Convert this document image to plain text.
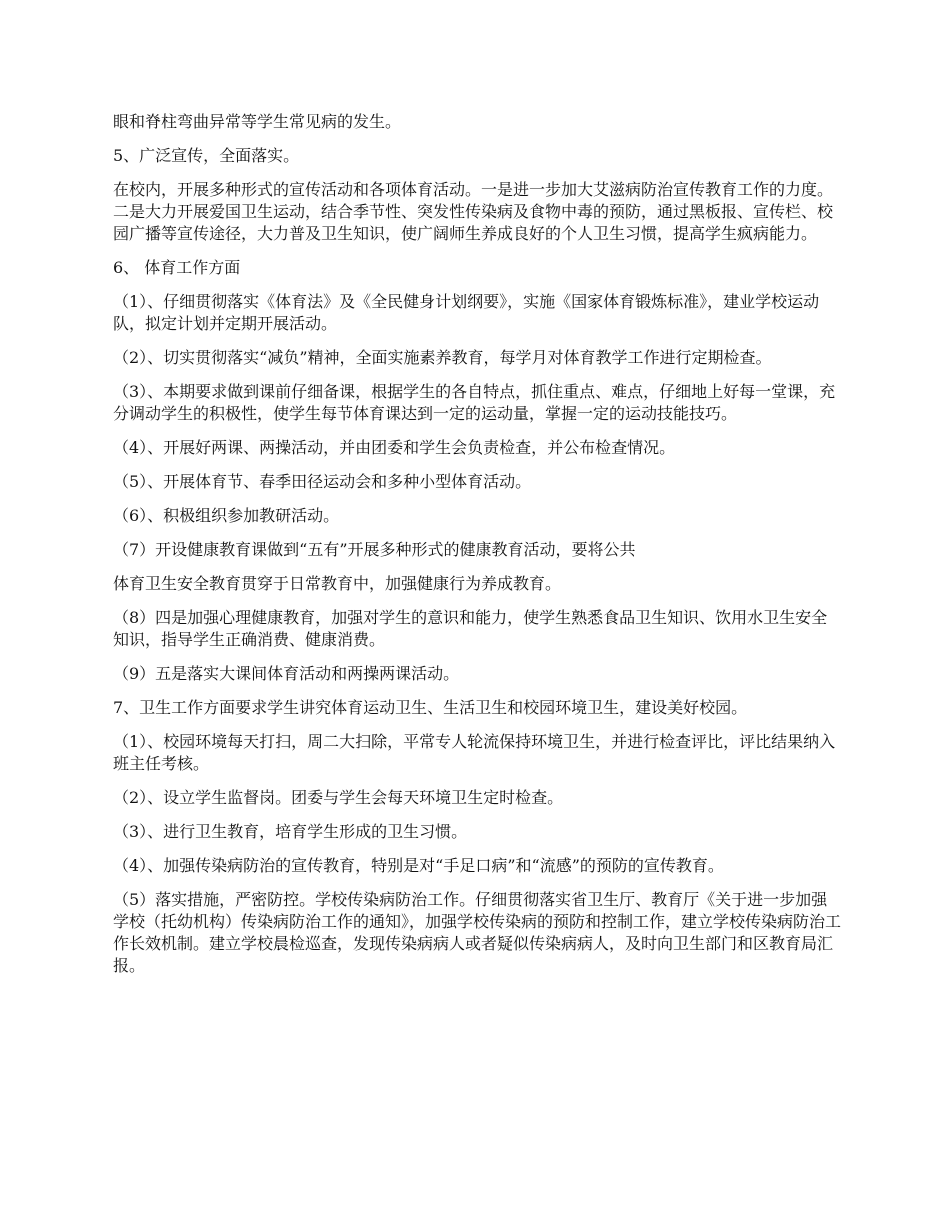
眼和脊柱弯曲异常等学生常见病的发生。

5、广泛宣传，全面落实。

在校内，开展多种形式的宣传活动和各项体育活动。一是进一步加大艾滋病防治宣传教育工作的力度。二是大力开展爱国卫生运动，结合季节性、突发性传染病及食物中毒的预防，通过黑板报、宣传栏、校园广播等宣传途径，大力普及卫生知识，使广阔师生养成良好的个人卫生习惯，提高学生疯病能力。

6、 体育工作方面

（1）、仔细贯彻落实《体育法》及《全民健身计划纲要》，实施《国家体育锻炼标准》，建业学校运动队，拟定计划并定期开展活动。

（2）、切实贯彻落实“减负”精神，全面实施素养教育，每学月对体育教学工作进行定期检查。

（3）、本期要求做到课前仔细备课，根据学生的各自特点，抓住重点、难点，仔细地上好每一堂课，充分调动学生的积极性，使学生每节体育课达到一定的运动量，掌握一定的运动技能技巧。

（4）、开展好两课、两操活动，并由团委和学生会负责检查，并公布检查情况。

（5）、开展体育节、春季田径运动会和多种小型体育活动。

（6）、积极组织参加教研活动。

（7）开设健康教育课做到“五有”开展多种形式的健康教育活动，要将公共

体育卫生安全教育贯穿于日常教育中，加强健康行为养成教育。

（8）四是加强心理健康教育，加强对学生的意识和能力，使学生熟悉食品卫生知识、饮用水卫生安全知识，指导学生正确消费、健康消费。

（9）五是落实大课间体育活动和两操两课活动。

7、卫生工作方面要求学生讲究体育运动卫生、生活卫生和校园环境卫生，建设美好校园。

（1）、校园环境每天打扫，周二大扫除，平常专人轮流保持环境卫生，并进行检查评比，评比结果纳入班主任考核。

（2）、设立学生监督岗。团委与学生会每天环境卫生定时检查。

（3）、进行卫生教育，培育学生形成的卫生习惯。

（4）、加强传染病防治的宣传教育，特别是对“手足口病”和“流感”的预防的宣传教育。

（5）落实措施，严密防控。学校传染病防治工作。仔细贯彻落实省卫生厅、教育厅《关于进一步加强学校（托幼机构）传染病防治工作的通知》，加强学校传染病的预防和控制工作，建立学校传染病防治工作长效机制。建立学校晨检巡查，发现传染病病人或者疑似传染病病人，及时向卫生部门和区教育局汇报。
